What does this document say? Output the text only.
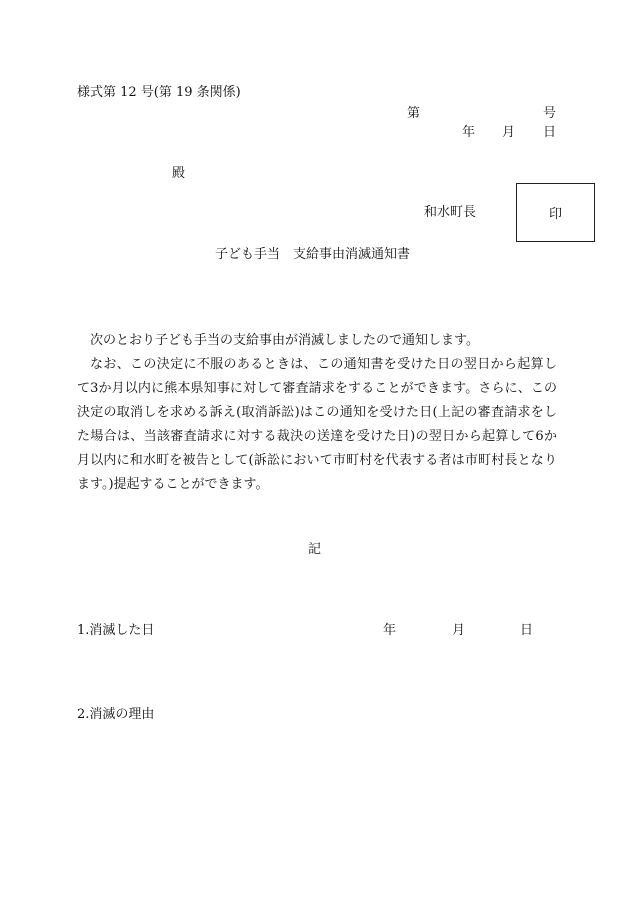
様式第 12 号(第 19 条関係)
第	号
年 月 日
殿
和水町長	印
子ども手当　支給事由消滅通知書

次のとおり子ども手当の支給事由が消滅しましたので通知します。

なお、この決定に不服のあるときは、この通知書を受けた日の翌日から起算して3か月以内に熊本県知事に対して審査請求をすることができます。さらに、この決定の取消しを求める訴え(取消訴訟)はこの通知を受けた日(上記の審査請求をした場合は、当該審査請求に対する裁決の送達を受けた日)の翌日から起算して6か月以内に和水町を被告として(訴訟において市町村を代表する者は市町村長となります。)提起することができます。

記
1.消滅した日	年	月	日
2.消滅の理由
